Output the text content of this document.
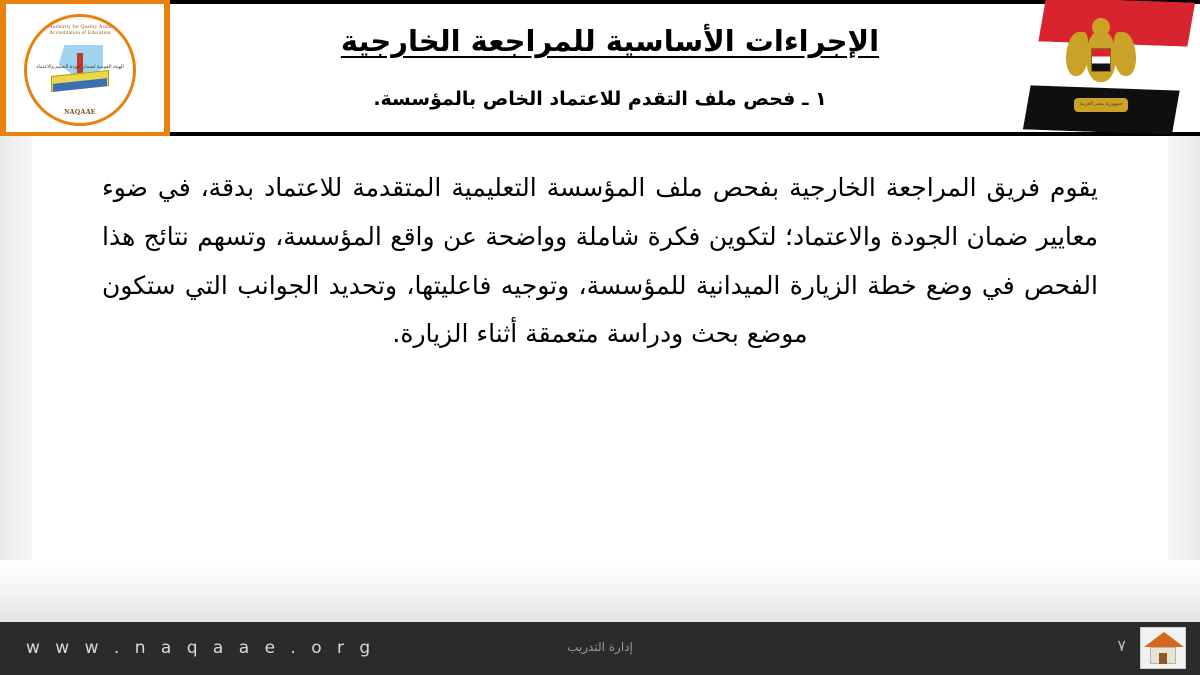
National Authority for Quality Assurance and Accreditation of Education
الهيئة القومية لضمان جودة التعليم والاعتماد
NAQAAE
الإجراءات الأساسية للمراجعة الخارجية
١ ـ فحص ملف التقدم للاعتماد الخاص بالمؤسسة.	جمهورية مصر العربية
يقوم فريق المراجعة الخارجية بفحص ملف المؤسسة التعليمية المتقدمة للاعتماد بدقة، في ضوء معايير ضمان الجودة والاعتماد؛ لتكوين فكرة شاملة وواضحة عن واقع المؤسسة، وتسهم نتائج هذا الفحص في وضع خطة الزيارة الميدانية للمؤسسة، وتوجيه فاعليتها، وتحديد الجوانب التي ستكون موضع بحث ودراسة متعمقة أثناء الزيارة.
w w w . n a q a a e . o r g	إدارة التدريب	٧
